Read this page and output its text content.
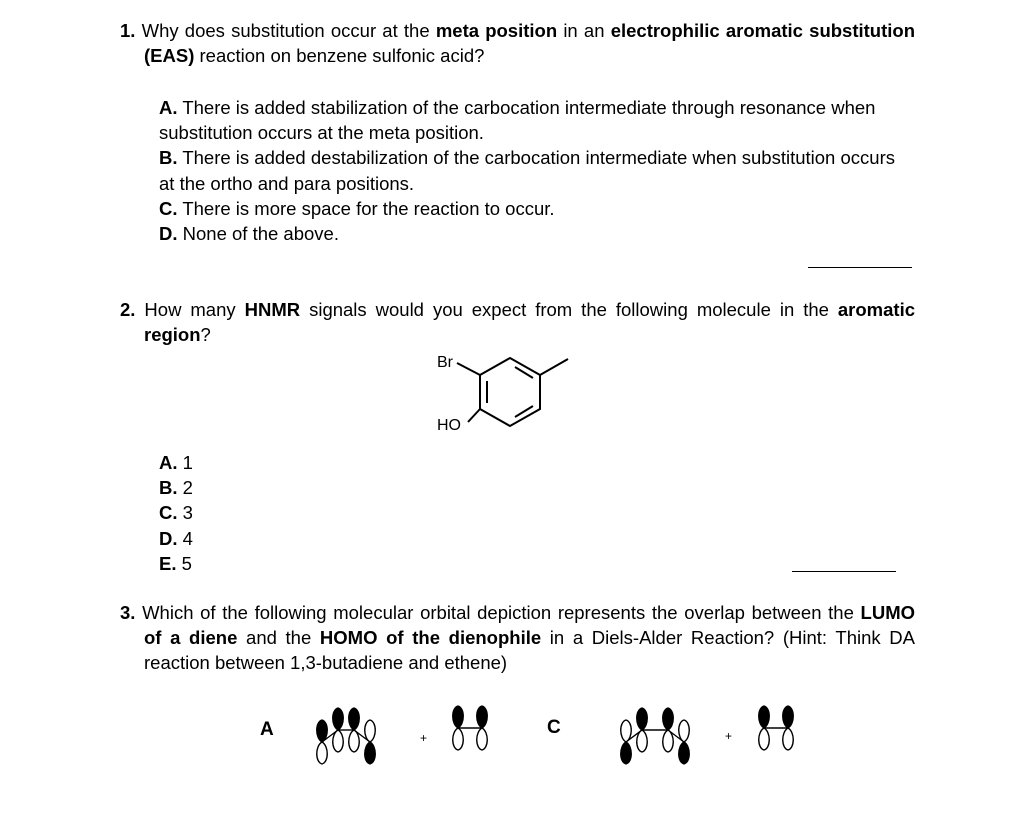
1. Why does substitution occur at the meta position in an electrophilic aromatic substitution (EAS) reaction on benzene sulfonic acid?
A. There is added stabilization of the carbocation intermediate through resonance when substitution occurs at the meta position.
B. There is added destabilization of the carbocation intermediate when substitution occurs at the ortho and para positions.
C. There is more space for the reaction to occur.
D. None of the above.
2. How many HNMR signals would you expect from the following molecule in the aromatic region?
Br
HO
A. 1
B. 2
C. 3
D. 4
E. 5
3. Which of the following molecular orbital depiction represents the overlap between the LUMO of a diene and the HOMO of the dienophile in a Diels-Alder Reaction? (Hint: Think DA reaction between 1,3-butadiene and ethene)
A	+	C	+
